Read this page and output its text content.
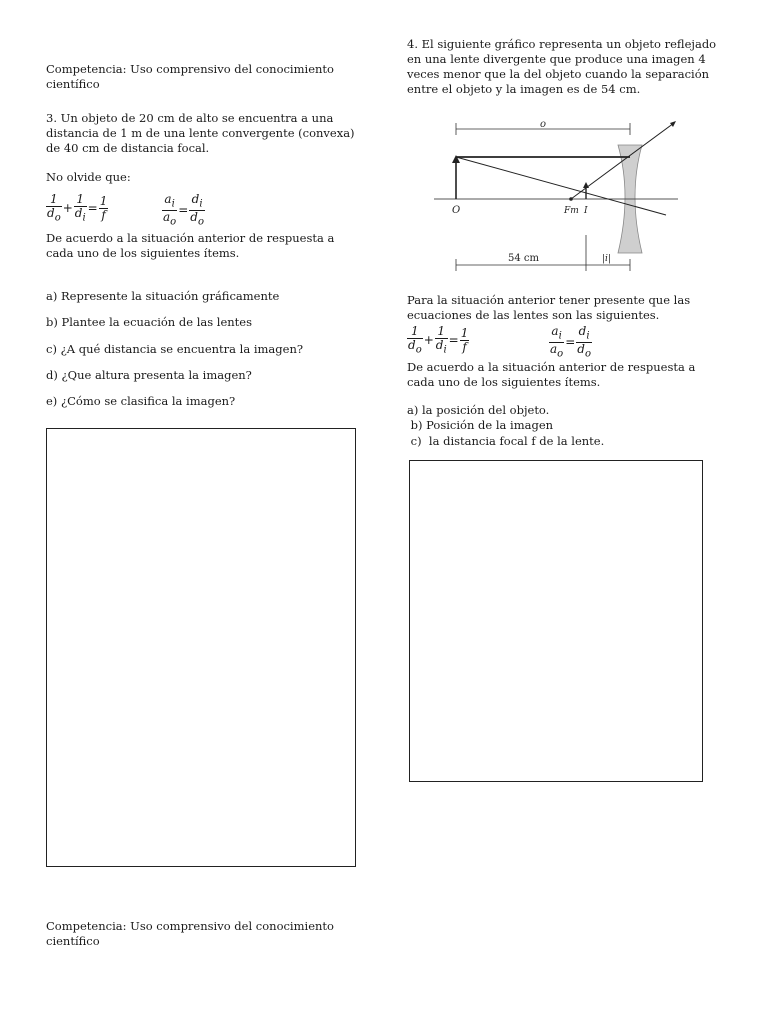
Competencia: Uso comprensivo del conocimiento científico

3. Un objeto de 20 cm de alto se encuentra a una distancia de 1 m de una lente convergente (convexa) de 40 cm de distancia focal.

No olvide que:

$\frac{1}{d_o} + \frac{1}{d_i} = \frac{1}{f}$	$\frac{a_i}{a_o} = \frac{d_i}{d_o}$

De acuerdo a la situación anterior de respuesta a cada uno de los siguientes ítems.

a) Represente la situación gráficamente

b) Plantee la ecuación de las lentes

c) ¿A qué distancia se encuentra la imagen?

d) ¿Que altura presenta la imagen?

e) ¿Cómo se clasifica la imagen?

Competencia: Uso comprensivo del conocimiento científico

4. El siguiente gráfico representa un objeto reflejado en una lente divergente que produce una imagen 4 veces menor que la del objeto cuando la separación entre el objeto y la imagen es de 54 cm.

o
O	Fm I
54 cm	|i|

Para la situación anterior tener presente que las ecuaciones de las lentes son las siguientes.

$\frac{1}{d_o} + \frac{1}{d_i} = \frac{1}{f}$	$\frac{a_i}{a_o} = \frac{d_i}{d_o}$

De acuerdo a la situación anterior de respuesta a cada uno de los siguientes ítems.

a) la posición del objeto.

b) Posición de la imagen

c)  la distancia focal f de la lente.
